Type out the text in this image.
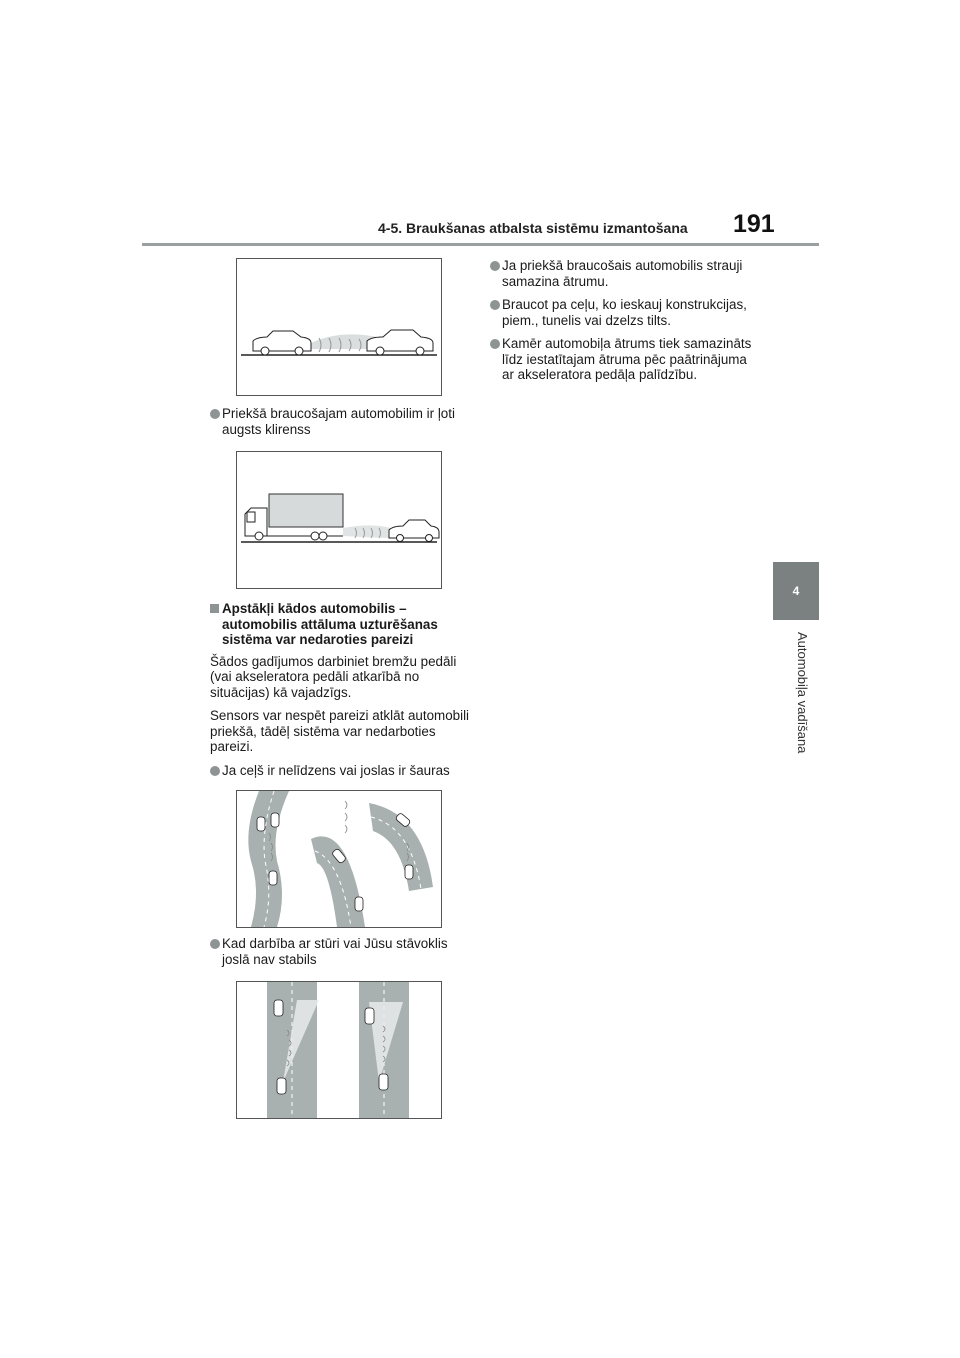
4-5. Braukšanas atbalsta sistēmu izmantošana 191
4
Automobiļa vadīšana

Priekšā braucošajam automobilim ir ļoti augsts klirenss

Apstākļi kādos automobilis – automobilis attāluma uzturēšanas sistēma var nedaroties pareizi

Šādos gadījumos darbiniet bremžu pedāli (vai akseleratora pedāli atkarībā no situācijas) kā vajadzīgs.

Sensors var nespēt pareizi atklāt automobili priekšā, tādēļ sistēma var nedarboties pareizi.

Ja ceļš ir nelīdzens vai joslas ir šauras

Kad darbība ar stūri vai Jūsu stāvoklis joslā nav stabils

Ja priekšā braucošais automobilis strauji samazina ātrumu.

Braucot pa ceļu, ko ieskauj konstrukcijas, piem., tunelis vai dzelzs tilts.

Kamēr automobiļa ātrums tiek samazināts līdz iestatītajam ātruma pēc paātrinājuma ar akseleratora pedāļa palīdzību.
